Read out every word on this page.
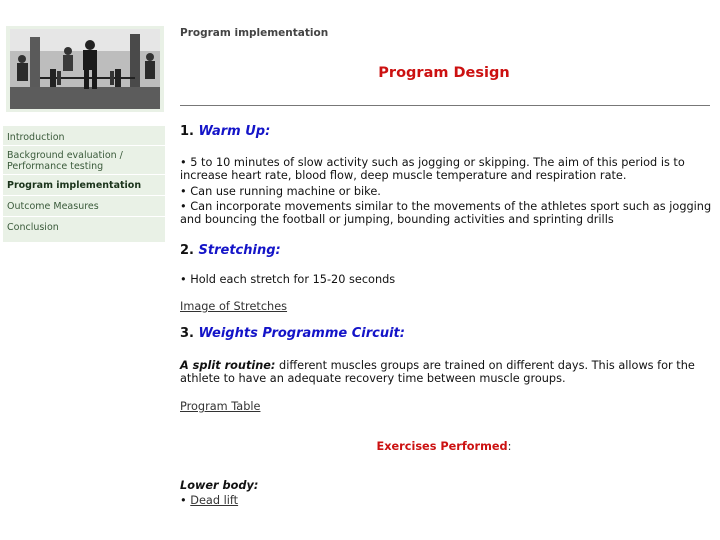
Introduction
Background evaluation / Performance testing
Program implementation
Outcome Measures
Conclusion

Program implementation

Program Design
1. Warm Up:

• 5 to 10 minutes of slow activity such as jogging or skipping. The aim of this period is to increase heart rate, blood flow, deep muscle temperature and respiration rate.

• Can use running machine or bike.

• Can incorporate movements similar to the movements of the athletes sport such as jogging and bouncing the football or jumping, bounding activities and sprinting drills

2. Stretching:

• Hold each stretch for 15-20 seconds

Image of Stretches

3. Weights Programme Circuit:

A split routine: different muscles groups are trained on different days. This allows for the athlete to have an adequate recovery time between muscle groups.

Program Table

Exercises Performed:

Lower body:

• Dead lift
